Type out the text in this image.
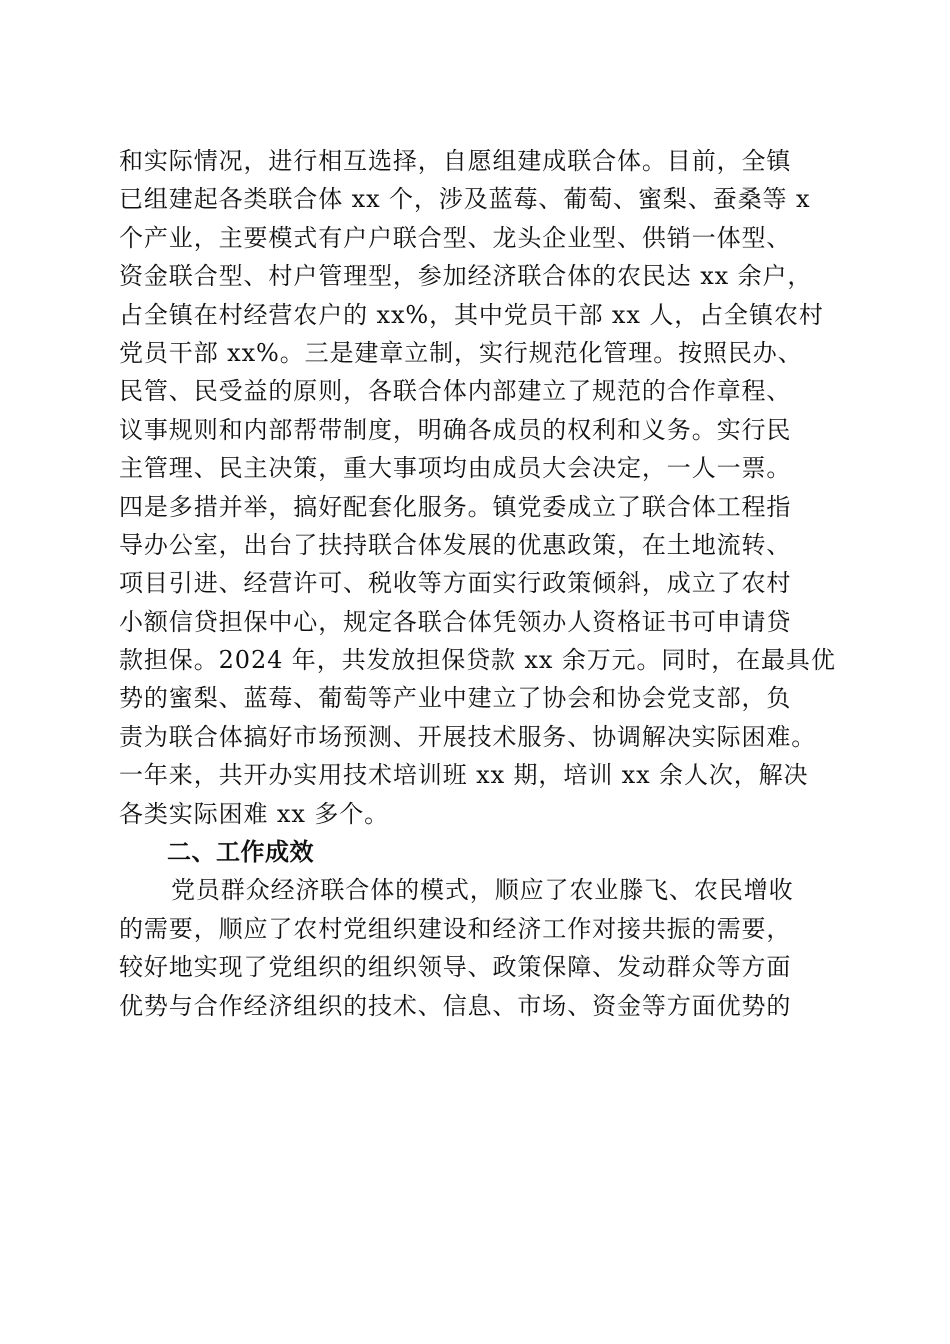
和实际情况，进行相互选择，自愿组建成联合体。目前，全镇
已组建起各类联合体 xx 个，涉及蓝莓、葡萄、蜜梨、蚕桑等 x
个产业，主要模式有户户联合型、龙头企业型、供销一体型、
资金联合型、村户管理型，参加经济联合体的农民达 xx 余户，
占全镇在村经营农户的 xx%，其中党员干部 xx 人，占全镇农村
党员干部 xx%。三是建章立制，实行规范化管理。按照民办、
民管、民受益的原则，各联合体内部建立了规范的合作章程、
议事规则和内部帮带制度，明确各成员的权利和义务。实行民
主管理、民主决策，重大事项均由成员大会决定，一人一票。
四是多措并举，搞好配套化服务。镇党委成立了联合体工程指
导办公室，出台了扶持联合体发展的优惠政策，在土地流转、
项目引进、经营许可、税收等方面实行政策倾斜，成立了农村
小额信贷担保中心，规定各联合体凭领办人资格证书可申请贷
款担保。2024 年，共发放担保贷款 xx 余万元。同时，在最具优
势的蜜梨、蓝莓、葡萄等产业中建立了协会和协会党支部，负
责为联合体搞好市场预测、开展技术服务、协调解决实际困难。
一年来，共开办实用技术培训班 xx 期，培训 xx 余人次，解决
各类实际困难 xx 多个。
二、工作成效
党员群众经济联合体的模式，顺应了农业滕飞、农民增收
的需要，顺应了农村党组织建设和经济工作对接共振的需要，
较好地实现了党组织的组织领导、政策保障、发动群众等方面
优势与合作经济组织的技术、信息、市场、资金等方面优势的
